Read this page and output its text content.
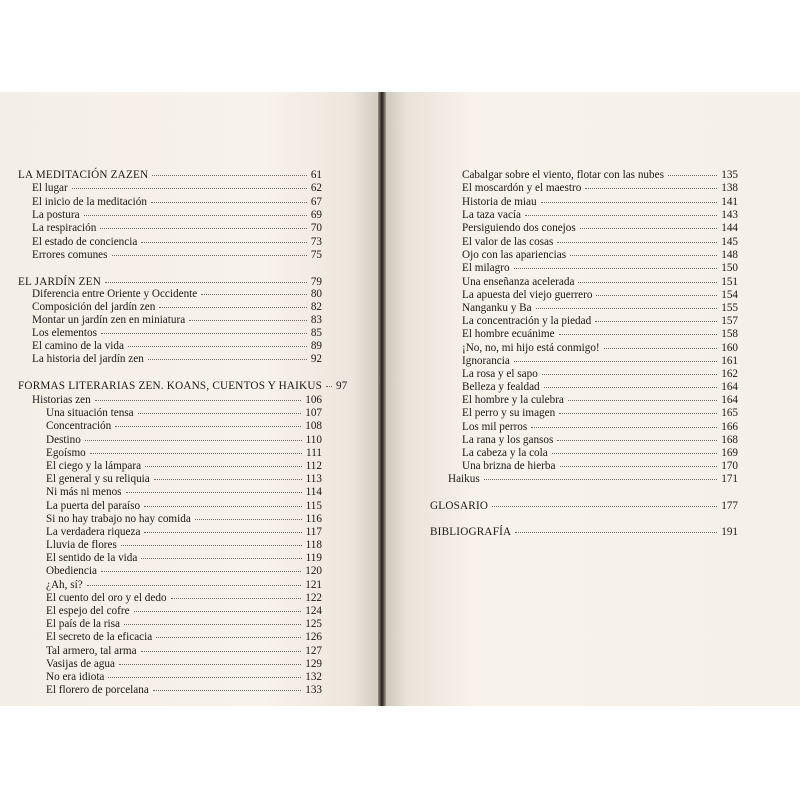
LA MEDITACIÓN ZAZEN	61
El lugar	62
El inicio de la meditación	67
La postura	69
La respiración	70
El estado de conciencia	73
Errores comunes	75
EL JARDÍN ZEN	79
Diferencia entre Oriente y Occidente	80
Composición del jardín zen	82
Montar un jardín zen en miniatura	83
Los elementos	85
El camino de la vida	89
La historia del jardín zen	92
FORMAS LITERARIAS ZEN. KOANS, CUENTOS Y HAIKUS 97
Historias zen	106
Una situación tensa	107
Concentración	108
Destino	110
Egoísmo	111
El ciego y la lámpara	112
El general y su reliquia	113
Ni más ni menos	114
La puerta del paraíso	115
Si no hay trabajo no hay comida	116
La verdadera riqueza	117
Lluvia de flores	118
El sentido de la vida	119
Obediencia	120
¿Ah, sí?	121
El cuento del oro y el dedo	122
El espejo del cofre	124
El país de la risa	125
El secreto de la eficacia	126
Tal armero, tal arma	127
Vasijas de agua	129
No era idiota	132
El florero de porcelana	133
Cabalgar sobre el viento, flotar con las nubes	135
El moscardón y el maestro	138
Historia de miau	141
La taza vacía	143
Persiguiendo dos conejos	144
El valor de las cosas	145
Ojo con las apariencias	148
El milagro	150
Una enseñanza acelerada	151
La apuesta del viejo guerrero	154
Nanganku y Ba	155
La concentración y la piedad	157
El hombre ecuánime	158
¡No, no, mi hijo está conmigo!	160
Ignorancia	161
La rosa y el sapo	162
Belleza y fealdad	164
El hombre y la culebra	164
El perro y su imagen	165
Los mil perros	166
La rana y los gansos	168
La cabeza y la cola	169
Una brizna de hierba	170
Haikus	171
GLOSARIO	177
BIBLIOGRAFÍA	191
